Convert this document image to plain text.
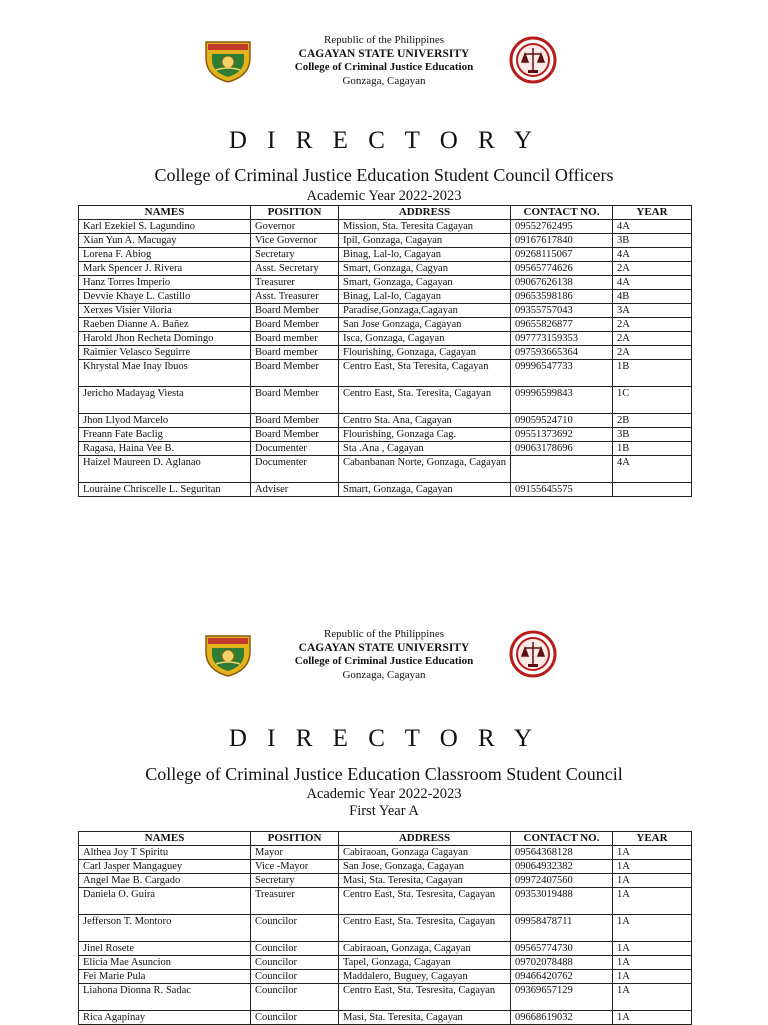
Republic of the Philippines
CAGAYAN STATE UNIVERSITY
College of Criminal Justice Education
Gonzaga, Cagayan
D I R E C T O R Y
College of Criminal Justice Education Student Council Officers
Academic Year 2022-2023
NAMES	POSITION	ADDRESS	CONTACT NO.	YEAR
Karl Ezekiel S. Lagundino	Governor	Mission, Sta. Teresita Cagayan	09552762495	4A
Xian Yun A. Macugay	Vice Governor	Ipil, Gonzaga, Cagayan	09167617840	3B
Lorena F. Abiog	Secretary	Binag, Lal-lo, Cagayan	09268115067	4A
Mark Spencer J. Rivera	Asst. Secretary	Smart, Gonzaga, Cagyan	09565774626	2A
Hanz Torres Imperio	Treasurer	Smart, Gonzaga, Cagayan	09067626138	4A
Devvie Khaye L. Castillo	Asst. Treasurer	Binag, Lal-lo, Cagayan	09653598186	4B
Xerxes Visier Viloria	Board Member	Paradise,Gonzaga,Cagayan	09355757043	3A
Raeben Dianne A. Bañez	Board Member	San Jose Gonzaga, Cagayan	09655826877	2A
Harold Jhon Recheta Domingo	Board member	Isca, Gonzaga, Cagayan	097773159353	2A
Raimier Velasco Seguirre	Board member	Flourishing, Gonzaga, Cagayan	097593665364	2A
Khrystal Mae Inay Ibuos	Board Member	Centro East, Sta Teresita, Cagayan	09996547733	1B
Jericho Madayag Viesta	Board Member	Centro East, Sta. Teresita, Cagayan	09996599843	1C
Jhon Llyod Marcelo	Board Member	Centro Sta. Ana, Cagayan	09059524710	2B
Freann Fate Baclig	Board Member	Flourishing, Gonzaga Cag.	09551373692	3B
Ragasa, Haina Vee B.	Documenter	Sta .Ana , Cagayan	09063178696	1B
Haizel Maureen D. Aglanao	Documenter	Cabanbanan Norte, Gonzaga, Cagayan		4A
Louraine Chriscelle L. Seguritan	Adviser	Smart, Gonzaga, Cagayan	09155645575	
Republic of the Philippines
CAGAYAN STATE UNIVERSITY
College of Criminal Justice Education
Gonzaga, Cagayan
D I R E C T O R Y
College of Criminal Justice Education Classroom Student Council
Academic Year 2022-2023
First Year A
NAMES	POSITION	ADDRESS	CONTACT NO.	YEAR
Althea Joy T Spiritu	Mayor	Cabiraoan, Gonzaga Cagayan	09564368128	1A
Carl Jasper Mangaguey	Vice -Mayor	San Jose, Gonzaga, Cagayan	09064932382	1A
Angel Mae B. Cargado	Secretary	Masi, Sta. Teresita, Cagayan	09972407560	1A
Daniela O. Guira	Treasurer	Centro East, Sta. Tesresita, Cagayan	09353019488	1A
Jefferson T. Montoro	Councilor	Centro East, Sta. Tesresita, Cagayan	09958478711	1A
Jinel Rosete	Councilor	Cabiraoan, Gonzaga, Cagayan	09565774730	1A
Elicia Mae Asuncion	Councilor	Tapel, Gonzaga, Cagayan	09702078488	1A
Fei Marie Pula	Councilor	Maddalero, Buguey, Cagayan	09466420762	1A
Liahona Dionna R. Sadac	Councilor	Centro East, Sta. Tesresita, Cagayan	09369657129	1A
Rica Agapinay	Councilor	Masi, Sta. Teresita, Cagayan	09668619032	1A
